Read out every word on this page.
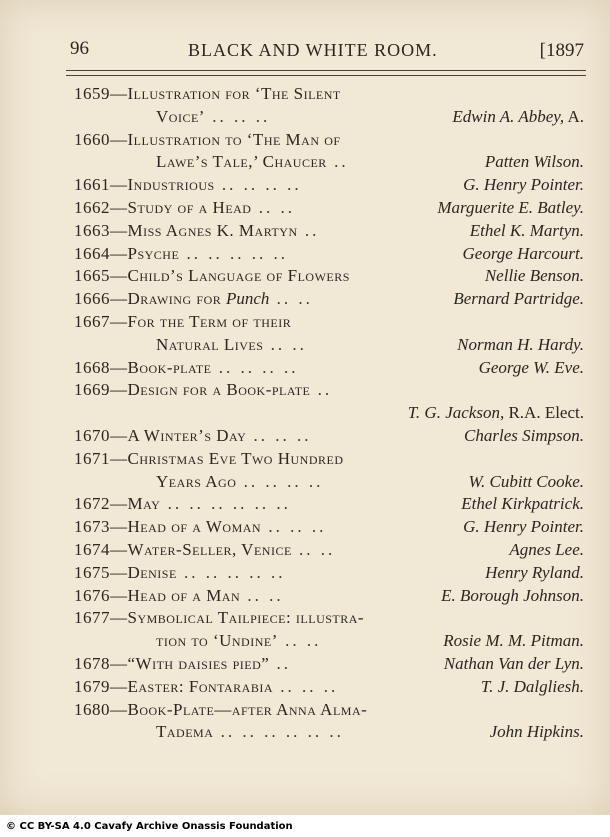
96	BLACK AND WHITE ROOM.	[1897
1659—Illustration for ‘The Silent
Voice’ .. .. ..	Edwin A. Abbey, A.
1660—Illustration to ‘The Man of
Lawe’s Tale,’ Chaucer ..	Patten Wilson.
1661—Industrious .. .. .. ..	G. Henry Pointer.
1662—Study of a Head .. ..	Marguerite E. Batley.
1663—Miss Agnes K. Martyn ..	Ethel K. Martyn.
1664—Psyche .. .. .. .. ..	George Harcourt.
1665—Child’s Language of Flowers	Nellie Benson.
1666—Drawing for Punch .. ..	Bernard Partridge.
1667—For the Term of their
Natural Lives .. ..	Norman H. Hardy.
1668—Book-plate .. .. .. ..	George W. Eve.
1669—Design for a Book-plate ..
T. G. Jackson, R.A. Elect.
1670—A Winter’s Day .. .. ..	Charles Simpson.
1671—Christmas Eve Two Hundred
Years Ago .. .. .. ..	W. Cubitt Cooke.
1672—May .. .. .. .. .. ..	Ethel Kirkpatrick.
1673—Head of a Woman .. .. ..	G. Henry Pointer.
1674—Water-Seller, Venice .. ..	Agnes Lee.
1675—Denise .. .. .. .. ..	Henry Ryland.
1676—Head of a Man .. ..	E. Borough Johnson.
1677—Symbolical Tailpiece: illustra-
tion to ‘Undine’ .. ..	Rosie M. M. Pitman.
1678—“With daisies pied” ..	Nathan Van der Lyn.
1679—Easter: Fontarabia .. .. ..	T. J. Dalgliesh.
1680—Book-Plate—after Anna Alma-
Tadema .. .. .. .. .. ..	John Hipkins.
© CC BY-SA 4.0 Cavafy Archive Onassis Foundation
